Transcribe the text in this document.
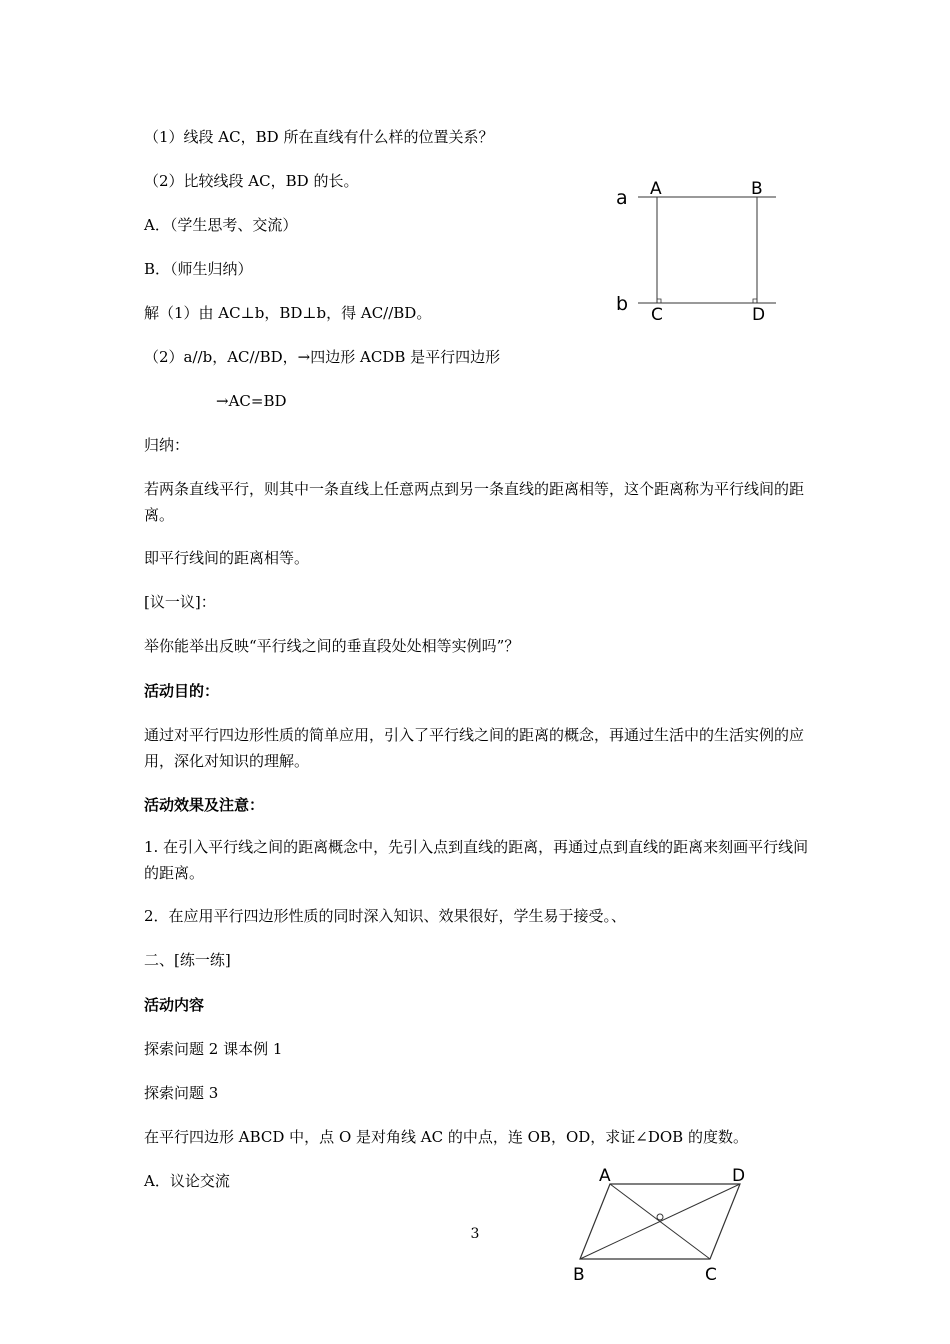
（1）线段 AC，BD 所在直线有什么样的位置关系？
（2）比较线段 AC，BD 的长。
A．（学生思考、交流）
B．（师生归纳）
解（1）由 AC⊥b，BD⊥b，得 AC//BD。
（2）a//b，AC//BD，→四边形 ACDB 是平行四边形
→AC=BD
归纳：
若两条直线平行，则其中一条直线上任意两点到另一条直线的距离相等，这个距离称为平行线间的距离。
即平行线间的距离相等。
[议一议]：
举你能举出反映“平行线之间的垂直段处处相等实例吗”？
活动目的：
通过对平行四边形性质的简单应用，引入了平行线之间的距离的概念，再通过生活中的生活实例的应用，深化对知识的理解。
活动效果及注意：
1. 在引入平行线之间的距离概念中，先引入点到直线的距离，再通过点到直线的距离来刻画平行线间的距离。
2．在应用平行四边形性质的同时深入知识、效果很好，学生易于接受。、
二、[练一练]
活动内容
探索问题 2 课本例 1
探索问题 3
在平行四边形 ABCD 中，点 O 是对角线 AC 的中点，连 OB，OD，求证∠DOB 的度数。
A．议论交流
a
b
A	B
C	D
A	D
B	C
3
